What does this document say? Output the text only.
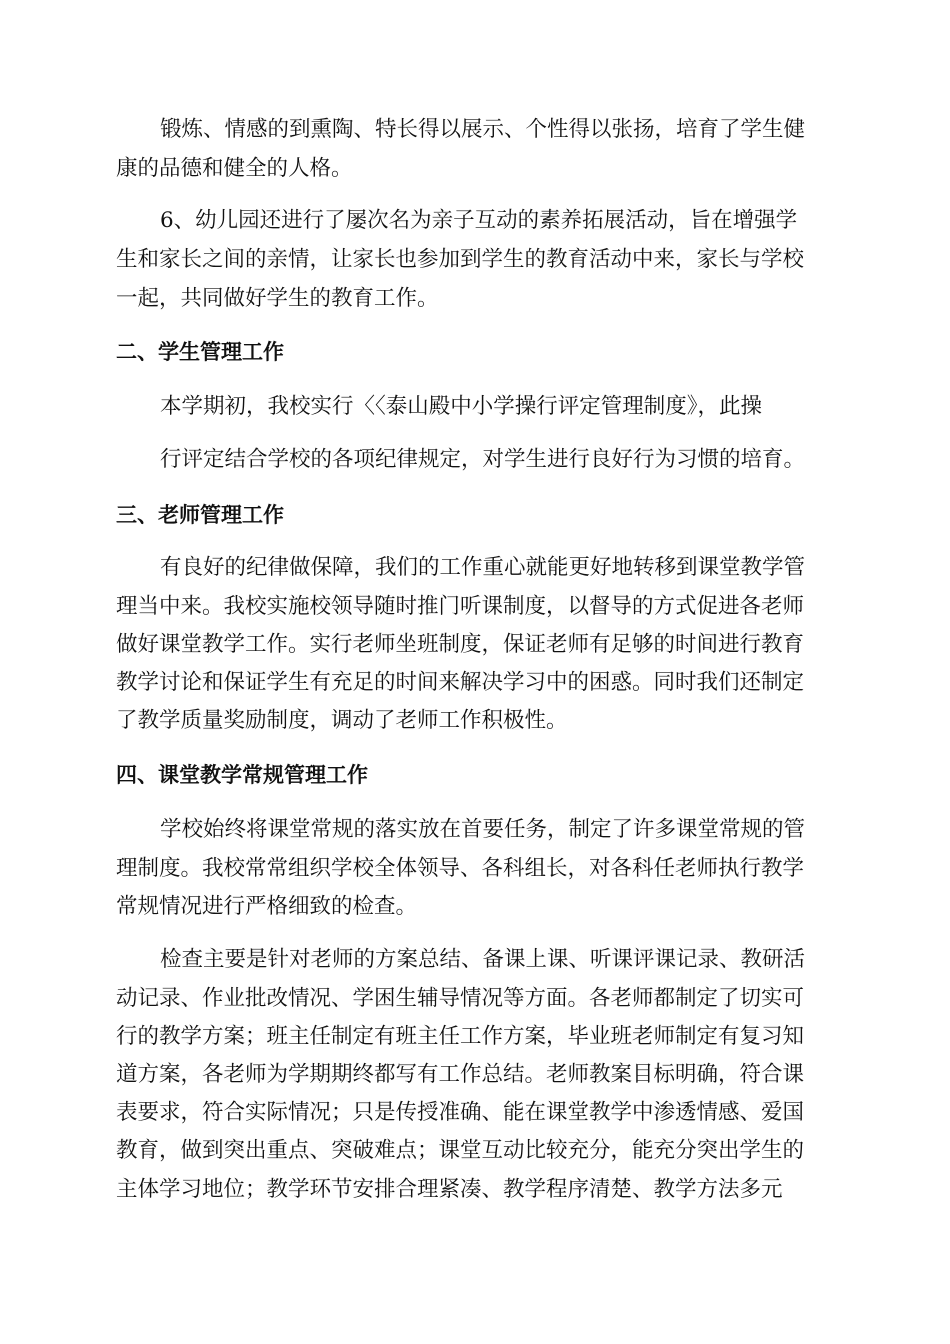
锻炼、情感的到熏陶、特长得以展示、个性得以张扬，培育了学生健

康的品德和健全的人格。

6、幼儿园还进行了屡次名为亲子互动的素养拓展活动，旨在增强学

生和家长之间的亲情，让家长也参加到学生的教育活动中来，家长与学校

一起，共同做好学生的教育工作。

二、学生管理工作

本学期初，我校实行〈〈泰山殿中小学操行评定管理制度》，此操

行评定结合学校的各项纪律规定，对学生进行良好行为习惯的培育。

三、老师管理工作

有良好的纪律做保障，我们的工作重心就能更好地转移到课堂教学管

理当中来。我校实施校领导随时推门听课制度，以督导的方式促进各老师

做好课堂教学工作。实行老师坐班制度，保证老师有足够的时间进行教育

教学讨论和保证学生有充足的时间来解决学习中的困惑。同时我们还制定

了教学质量奖励制度，调动了老师工作积极性。

四、课堂教学常规管理工作

学校始终将课堂常规的落实放在首要任务，制定了许多课堂常规的管

理制度。我校常常组织学校全体领导、各科组长，对各科任老师执行教学

常规情况进行严格细致的检查。

检查主要是针对老师的方案总结、备课上课、听课评课记录、教研活

动记录、作业批改情况、学困生辅导情况等方面。各老师都制定了切实可

行的教学方案；班主任制定有班主任工作方案，毕业班老师制定有复习知

道方案，各老师为学期期终都写有工作总结。老师教案目标明确，符合课

表要求，符合实际情况；只是传授准确、能在课堂教学中渗透情感、爱国

教育，做到突出重点、突破难点；课堂互动比较充分，能充分突出学生的

主体学习地位；教学环节安排合理紧凑、教学程序清楚、教学方法多元
